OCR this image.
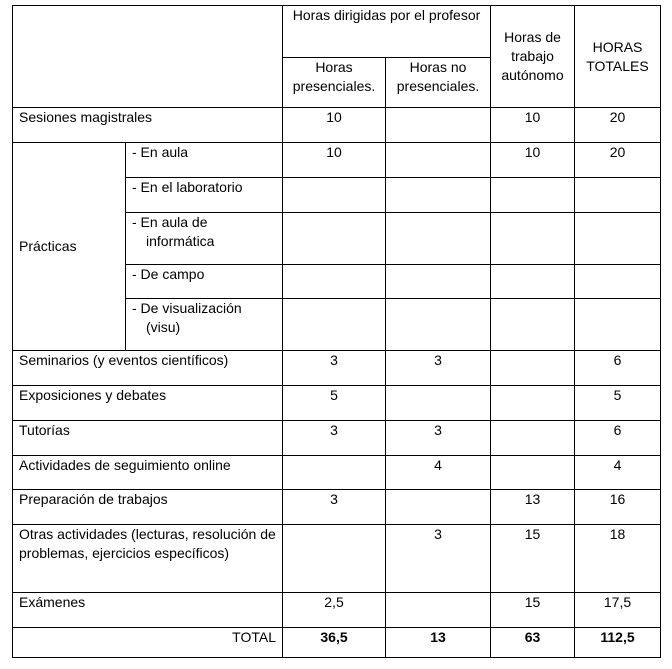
		Horas dirigidas por el profesor		Horas de trabajo autónomo	HORAS TOTALES
		Horas presenciales.	Horas no presenciales.		
Sesiones magistrales		10		10	20
Prácticas	- En aula	10		10	20
	- En el laboratorio				
	- En aula de
informática				

	- De campo				
	- De visualización
(visu)				

Seminarios (y eventos científicos)		3	3		6
Exposiciones y debates		5			5
Tutorías		3	3		6
Actividades de seguimiento online			4		4
Preparación de trabajos		3		13	16
Otras actividades (lecturas, resolución de problemas, ejercicios específicos)			3	15	18
Exámenes		2,5		15	17,5
TOTAL		36,5	13	63	112,5
